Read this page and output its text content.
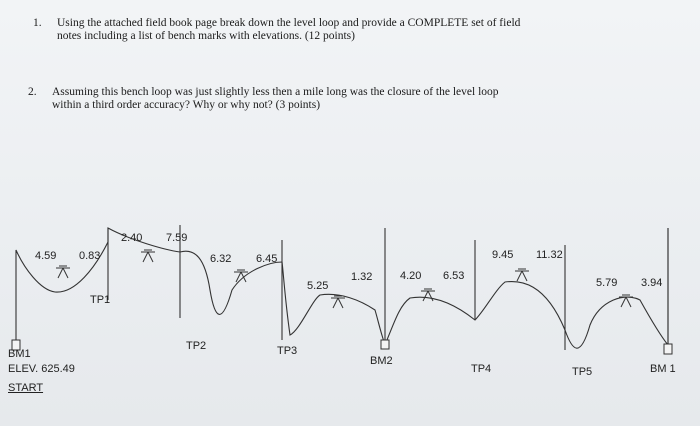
1. Using the attached field book page break down the level loop and provide a COMPLETE set of field notes including a list of bench marks with elevations. (12 points)
2. Assuming this bench loop was just slightly less then a mile long was the closure of the level loop within a third order accuracy? Why or why not? (3 points)
4.59 0.83
2.40 7.59
6.32 6.45
5.25
1.32	4.20 6.53
9.45 11.32
5.79 3.94
TP1
TP2	TP3
BM2
TP4	TP5	BM 1
BM1
ELEV. 625.49
START
